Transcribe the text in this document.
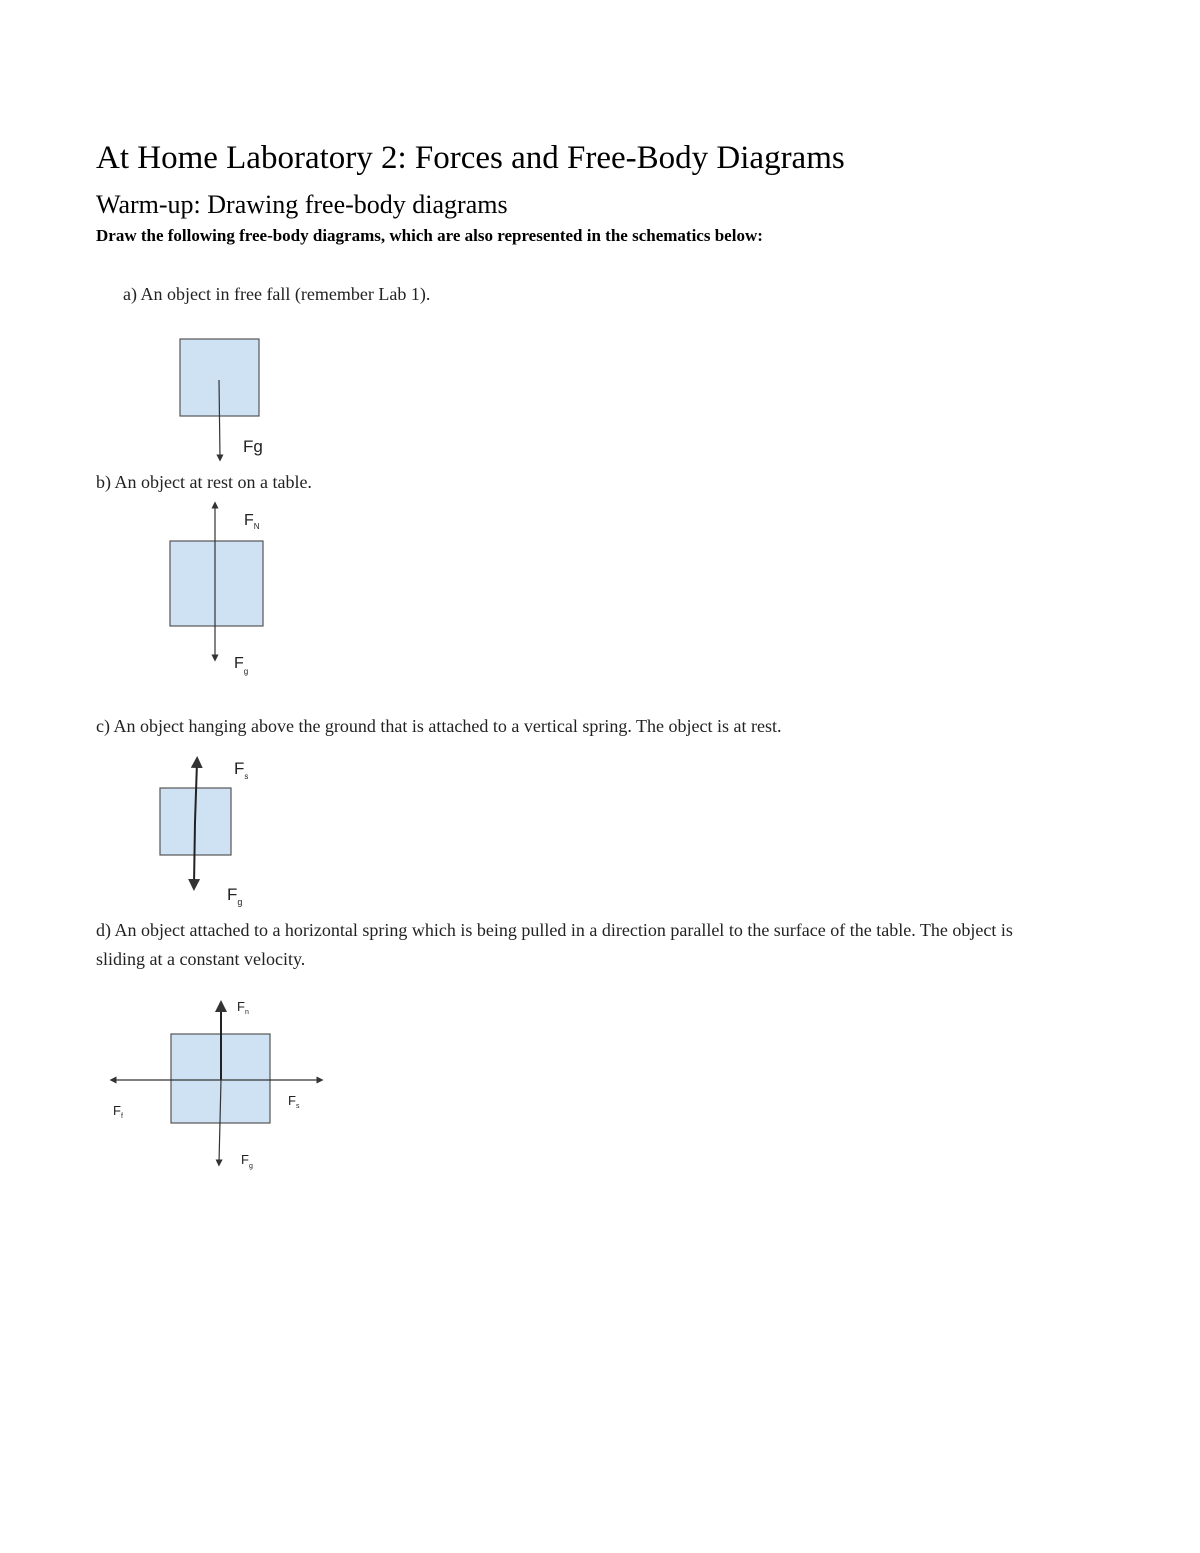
At Home Laboratory 2: Forces and Free-Body Diagrams
Warm-up: Drawing free-body diagrams
Draw the following free-body diagrams, which are also represented in the schematics below:
a) An object in free fall (remember Lab 1).
b) An object at rest on a table.
c) An object hanging above the ground that is attached to a vertical spring. The object is at rest.
d) An object attached to a horizontal spring which is being pulled in a direction parallel to the surface of the table. The object is sliding at a constant velocity.
Fg
$F_N$
$F_g$
$F_s$
$F_g$
$F_n$
$F_f$
$F_s$
$F_g$
